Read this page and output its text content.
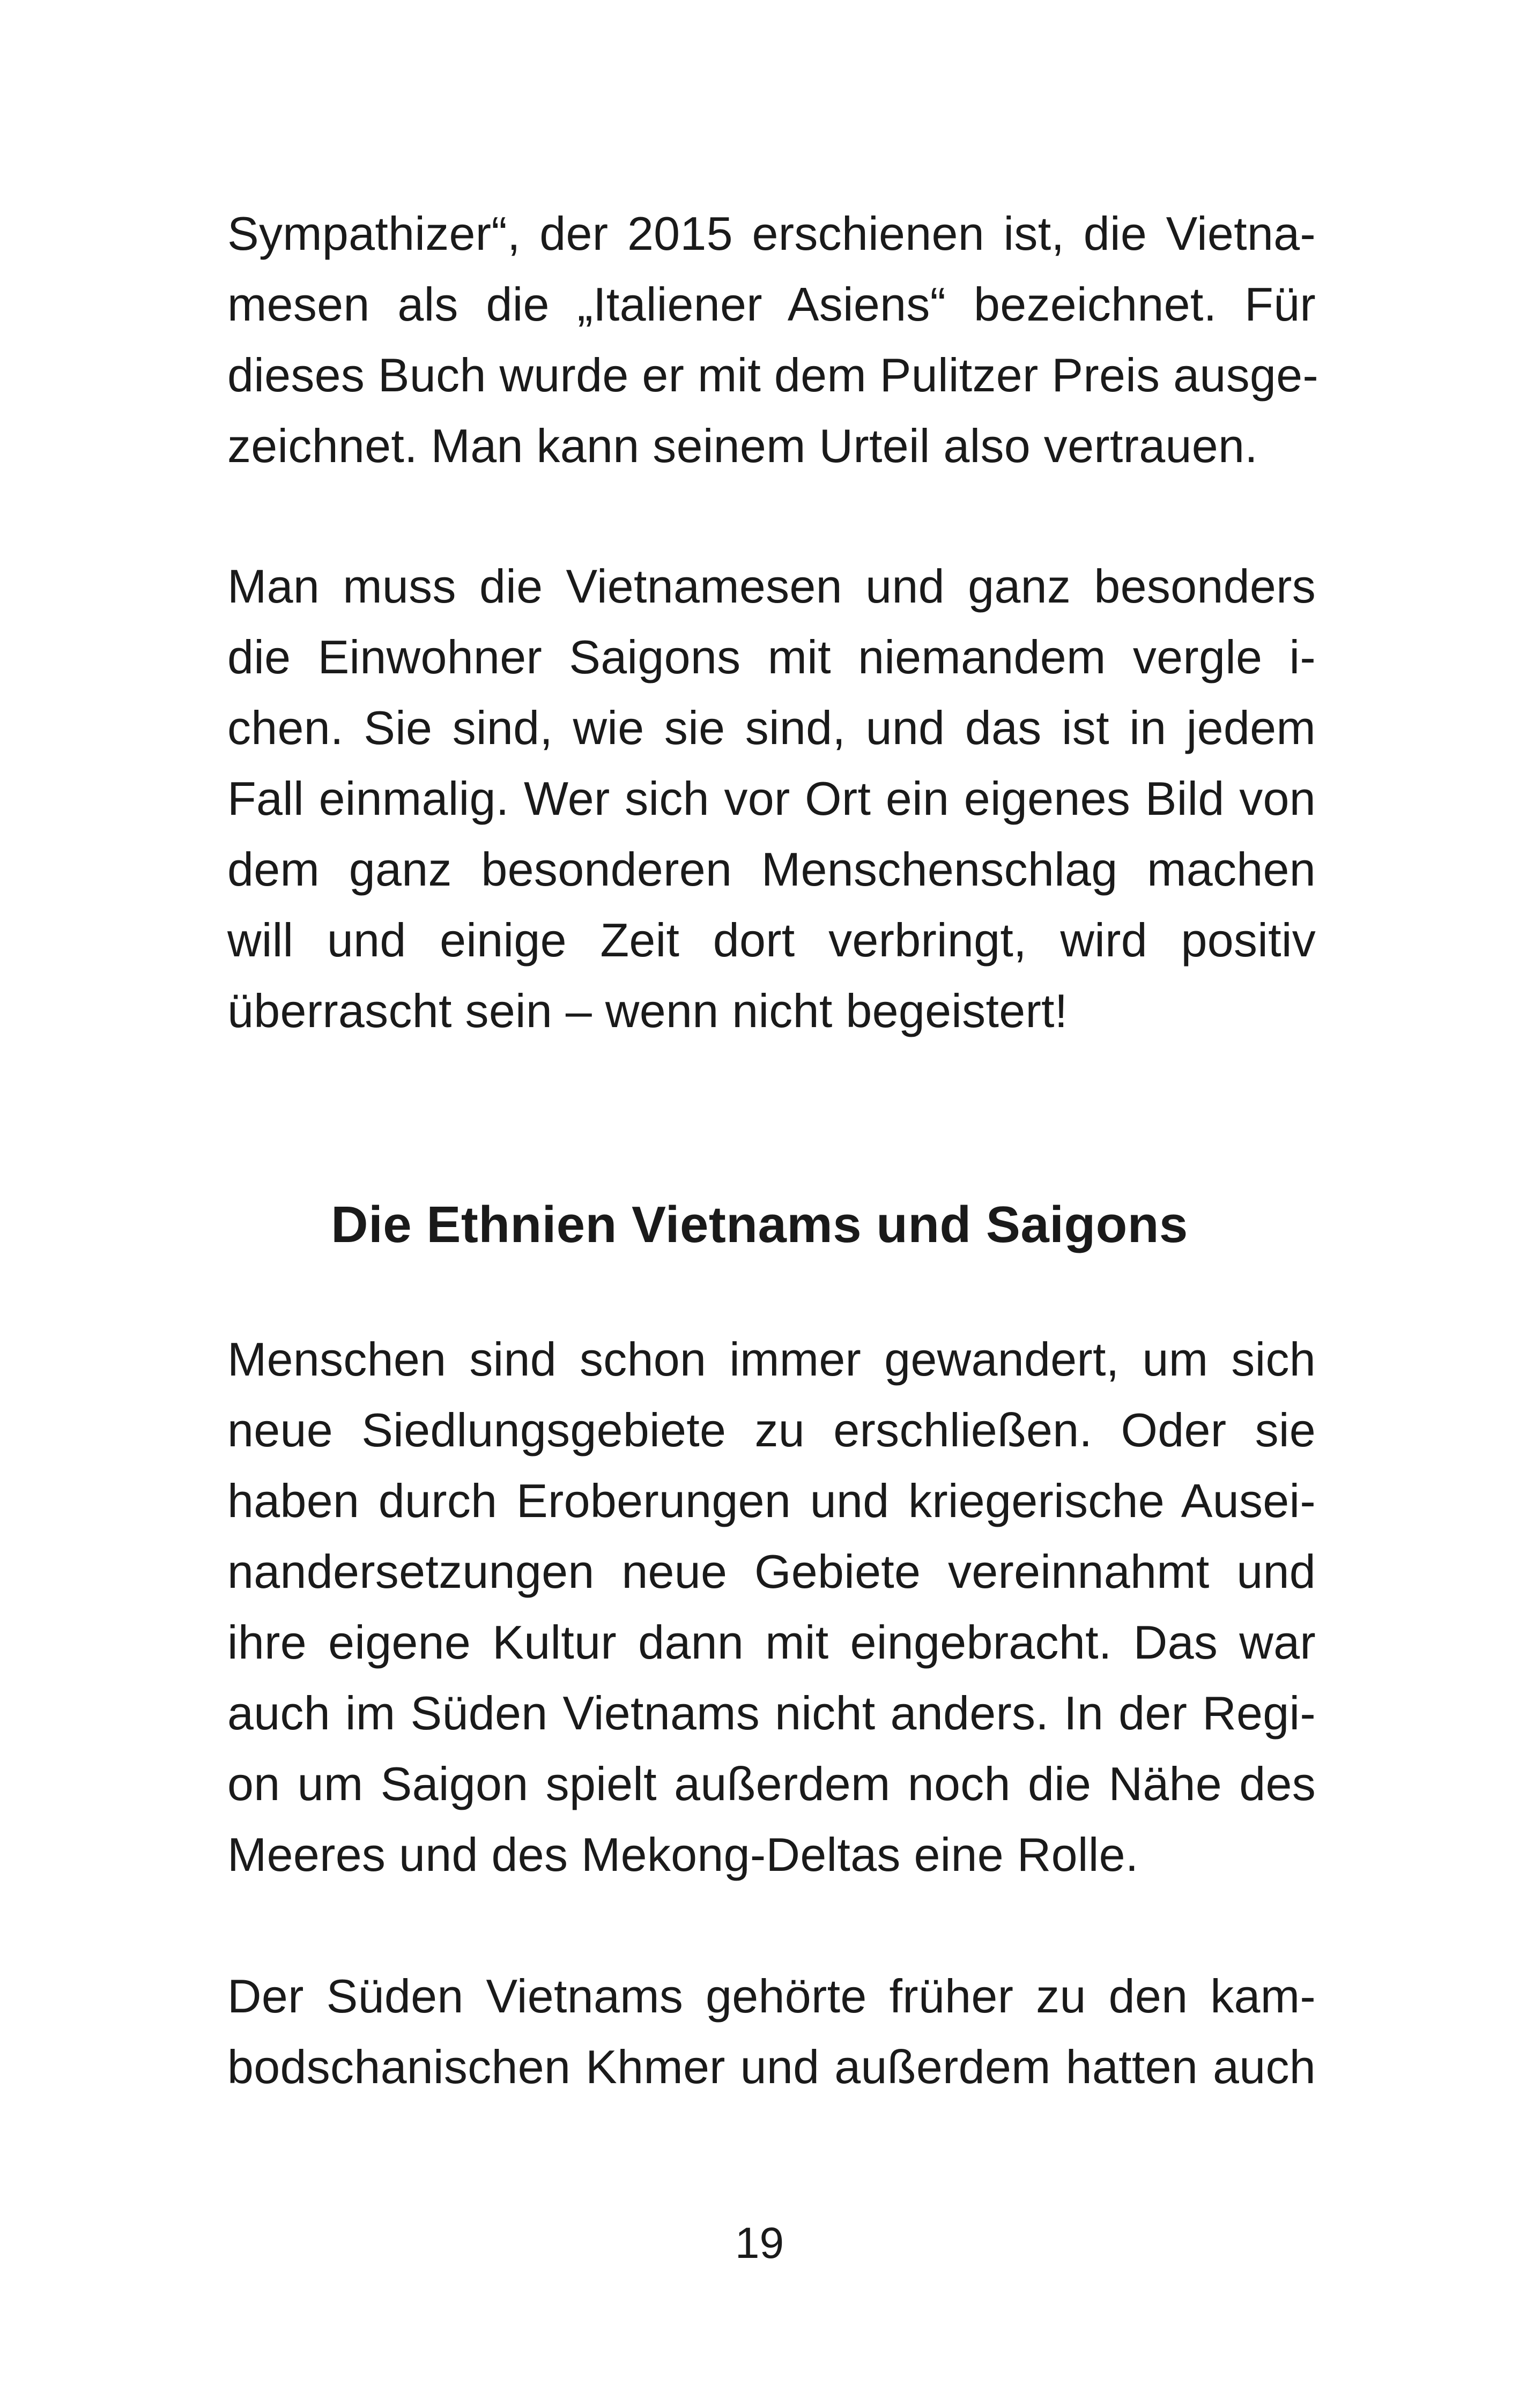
Sympathizer“, der 2015 erschienen ist, die Vietna-
mesen als die „Italiener Asiens“ bezeichnet. Für
dieses Buch wurde er mit dem Pulitzer Preis ausge-
zeichnet. Man kann seinem Urteil also vertrauen.
Man muss die Vietnamesen und ganz besonders
die Einwohner Saigons mit niemandem vergle i-
chen. Sie sind, wie sie sind, und das ist in jedem
Fall einmalig. Wer sich vor Ort ein eigenes Bild von
dem ganz besonderen Menschenschlag machen
will und einige Zeit dort verbringt, wird positiv
überrascht sein – wenn nicht begeistert!
Die Ethnien Vietnams und Saigons
Menschen sind schon immer gewandert, um sich
neue Siedlungsgebiete zu erschließen. Oder sie
haben durch Eroberungen und kriegerische Ausei-
nandersetzungen neue Gebiete vereinnahmt und
ihre eigene Kultur dann mit eingebracht. Das war
auch im Süden Vietnams nicht anders. In der Regi-
on um Saigon spielt außerdem noch die Nähe des
Meeres und des Mekong-Deltas eine Rolle.
Der Süden Vietnams gehörte früher zu den kam-
bodschanischen Khmer und außerdem hatten auch
19
